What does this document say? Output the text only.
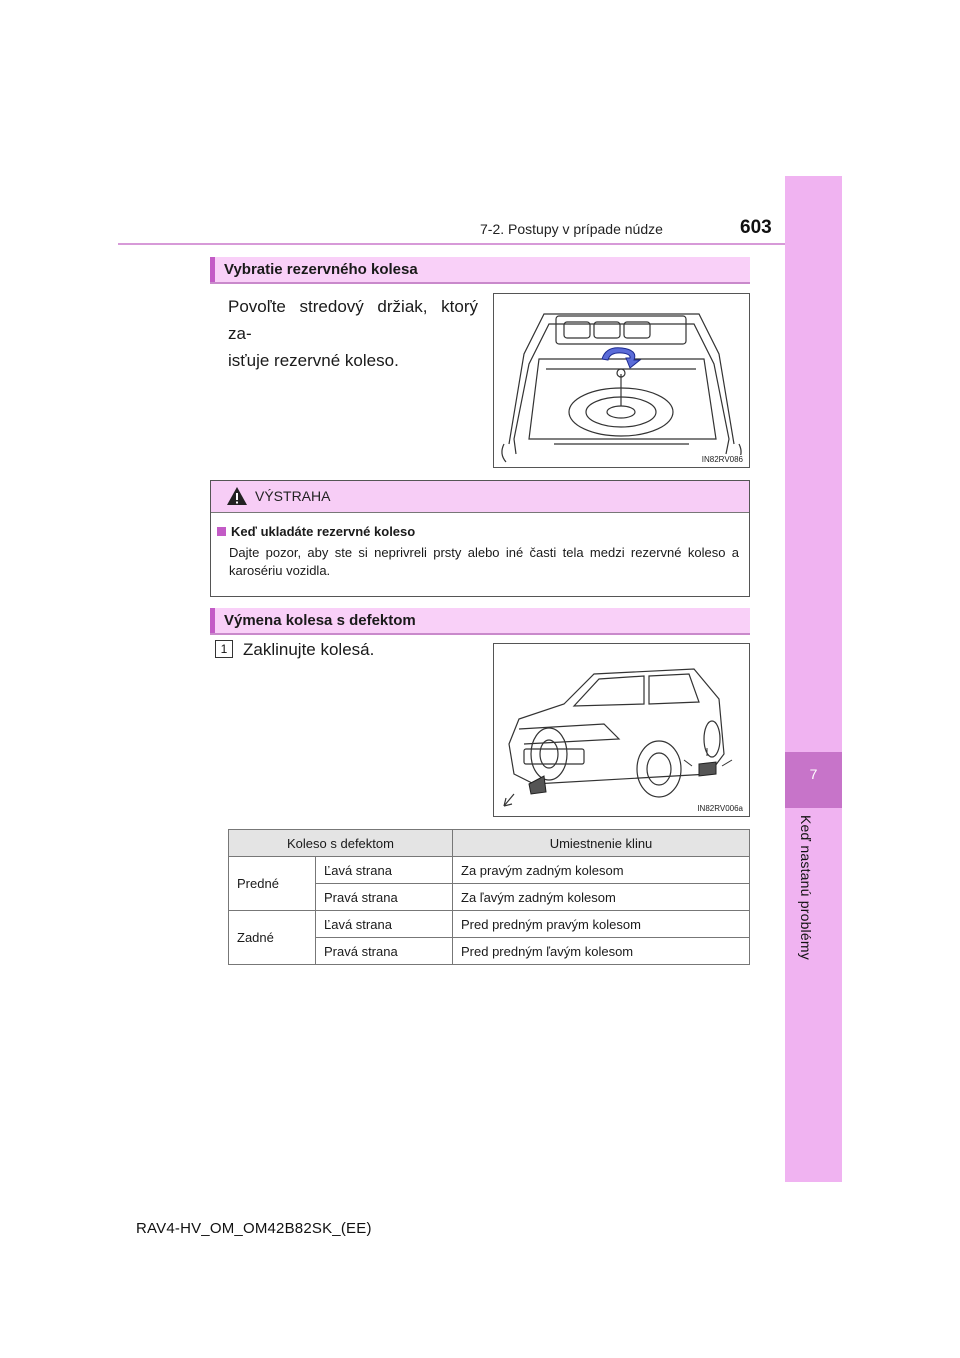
7
Keď nastanú problémy
7-2. Postupy v prípade núdze	603
Vybratie rezervného kolesa
Povoľte stredový držiak, ktorý za-
isťuje rezervné koleso.
IN82RV086
VÝSTRAHA
Keď ukladáte rezervné koleso
Dajte pozor, aby ste si neprivreli prsty alebo iné časti tela medzi rezervné koleso a karosériu vozidla.
Výmena kolesa s defektom
1 Zaklinujte kolesá.
IN82RV006a
Koleso s defektom		Umiestnenie klinu
Predné	Ľavá strana	Za pravým zadným kolesom
	Pravá strana	Za ľavým zadným kolesom
Zadné	Ľavá strana	Pred predným pravým kolesom
	Pravá strana	Pred predným ľavým kolesom
RAV4-HV_OM_OM42B82SK_(EE)
